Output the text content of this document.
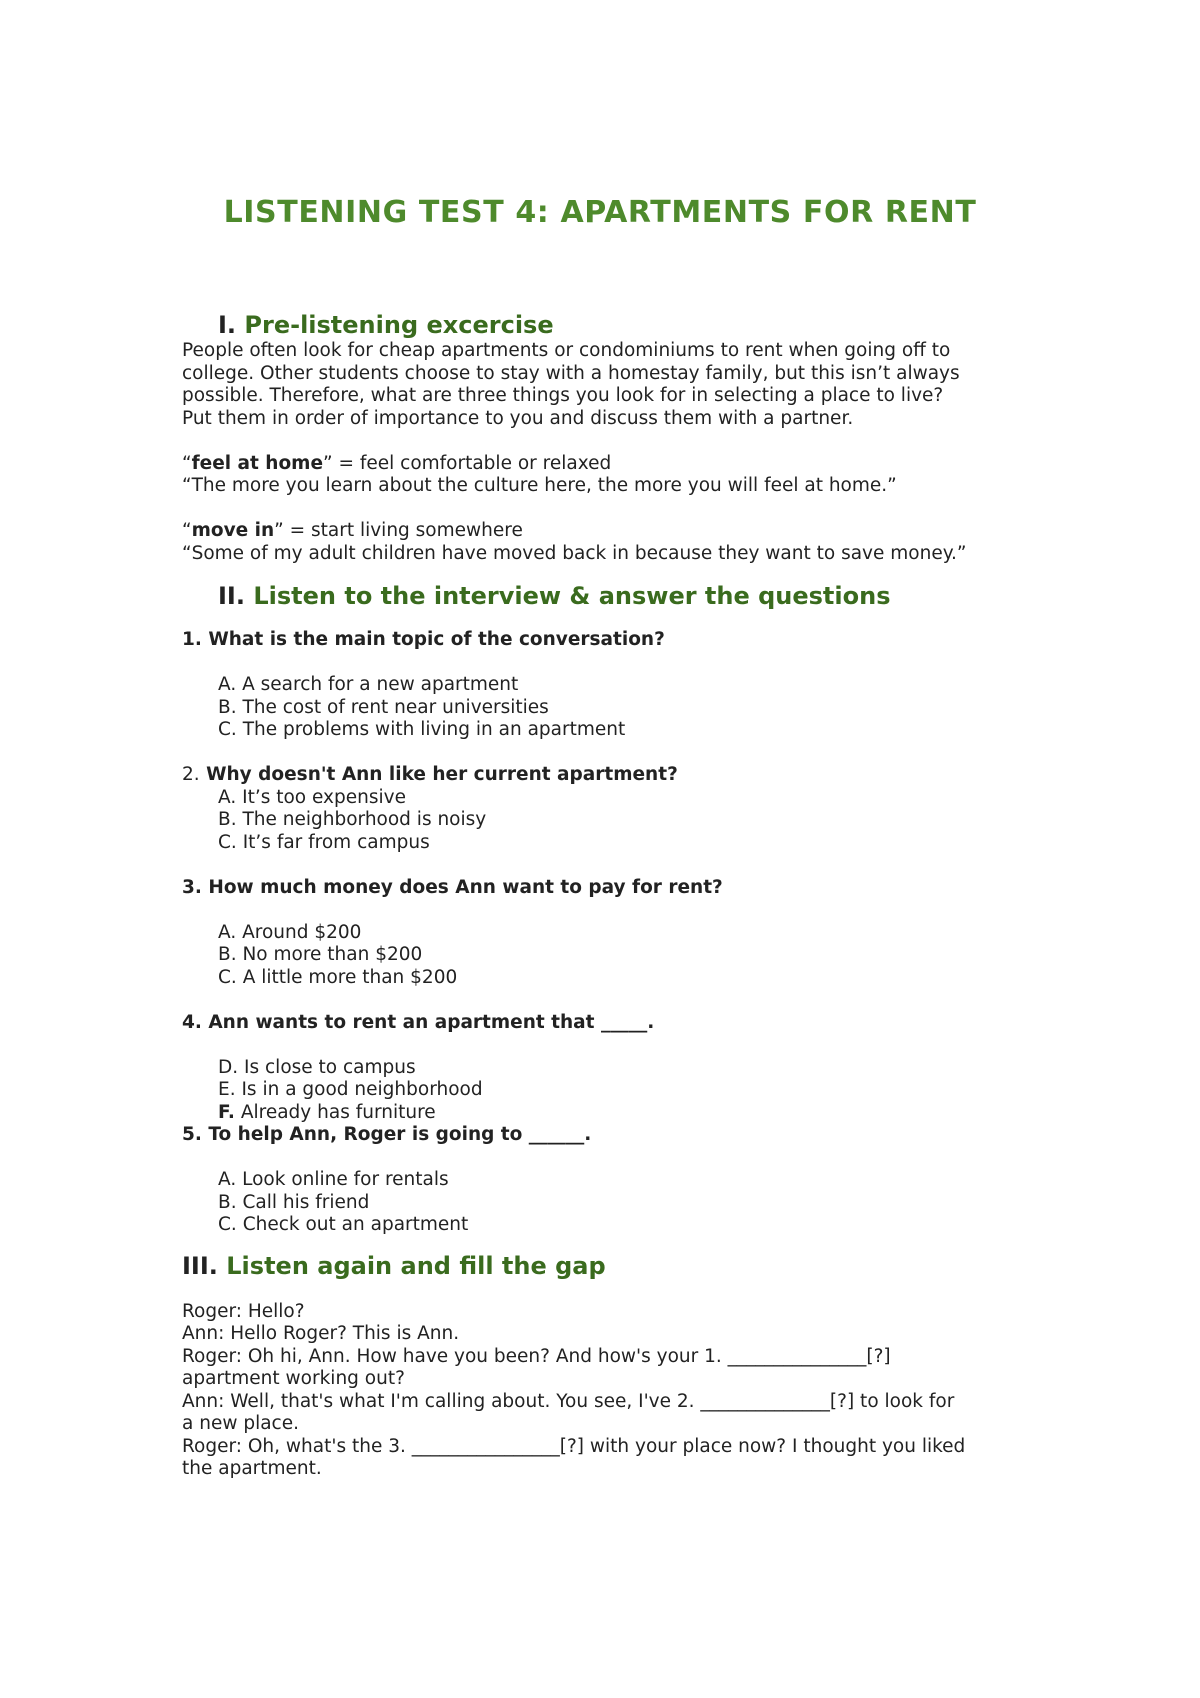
LISTENING TEST 4: APARTMENTS FOR RENT
I. Pre-listening excercise

People often look for cheap apartments or condominiums to rent when going off to

college. Other students choose to stay with a homestay family, but this isn’t always

possible. Therefore, what are three things you look for in selecting a place to live?

Put them in order of importance to you and discuss them with a partner.

“feel at home” = feel comfortable or relaxed

“The more you learn about the culture here, the more you will feel at home.”

“move in” = start living somewhere

“Some of my adult children have moved back in because they want to save money.”

II. Listen to the interview & answer the questions

1. What is the main topic of the conversation?

A. A search for a new apartment

B. The cost of rent near universities

C. The problems with living in an apartment

2. Why doesn't Ann like her current apartment?

A. It’s too expensive

B. The neighborhood is noisy

C. It’s far from campus

3. How much money does Ann want to pay for rent?

A. Around $200

B. No more than $200

C. A little more than $200

4. Ann wants to rent an apartment that _____.

D. Is close to campus

E. Is in a good neighborhood

F. Already has furniture

5. To help Ann, Roger is going to ______.

A. Look online for rentals

B. Call his friend

C. Check out an apartment

III. Listen again and fill the gap

Roger: Hello?

Ann: Hello Roger? This is Ann.

Roger: Oh hi, Ann. How have you been? And how's your 1. _______________[?]

apartment working out?

Ann: Well, that's what I'm calling about. You see, I've 2. ______________[?] to look for

a new place.

Roger: Oh, what's the 3. ________________[?] with your place now? I thought you liked

the apartment.
